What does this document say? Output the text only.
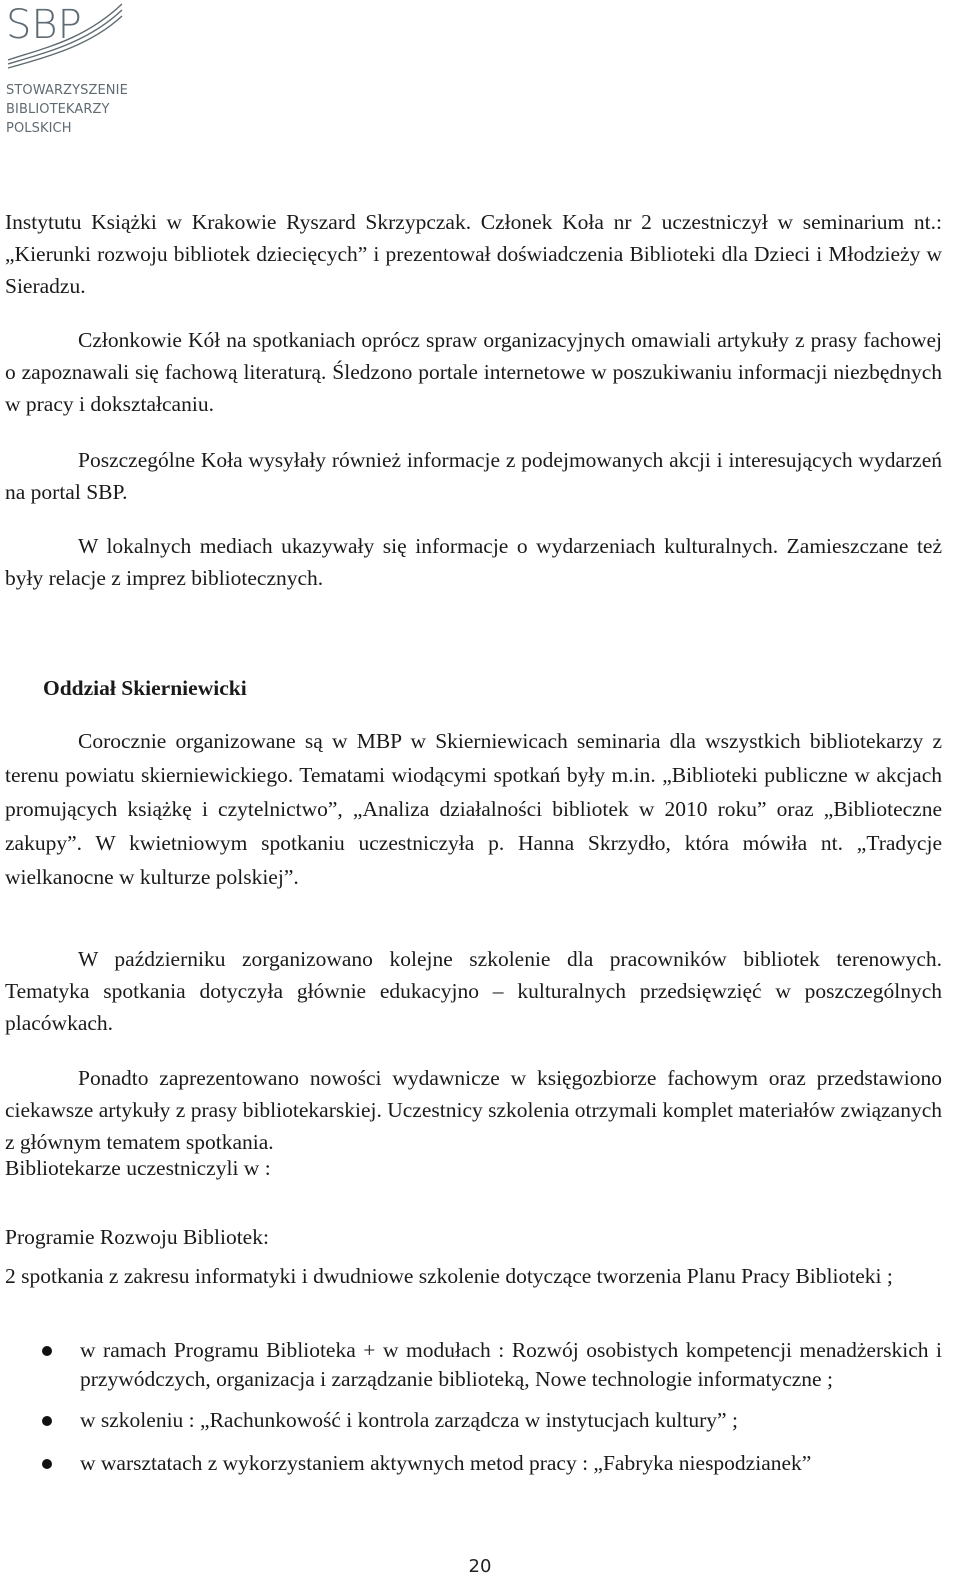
SBP
STOWARZYSZENIE
BIBLIOTEKARZY
POLSKICH

Instytutu Książki w Krakowie Ryszard Skrzypczak. Członek Koła nr 2 uczestniczył w seminarium nt.: „Kierunki rozwoju bibliotek dziecięcych” i prezentował doświadczenia Biblioteki dla Dzieci i Młodzieży w Sieradzu.

Członkowie Kół na spotkaniach oprócz spraw organizacyjnych omawiali artykuły z prasy fachowej o zapoznawali się fachową literaturą. Śledzono portale internetowe w poszukiwaniu informacji niezbędnych w pracy i dokształcaniu.

Poszczególne Koła wysyłały również informacje z podejmowanych akcji i interesujących wydarzeń na portal SBP.

W lokalnych mediach ukazywały się informacje o wydarzeniach kulturalnych. Zamieszczane też były relacje z imprez bibliotecznych.

Oddział Skierniewicki

Corocznie organizowane są w MBP w Skierniewicach seminaria dla wszystkich bibliotekarzy z terenu powiatu skierniewickiego. Tematami wiodącymi spotkań były m.in. „Biblioteki publiczne w akcjach promujących książkę i czytelnictwo”, „Analiza działalności bibliotek w 2010 roku” oraz „Biblioteczne zakupy”. W kwietniowym spotkaniu uczestniczyła p. Hanna Skrzydło, która mówiła nt. „Tradycje wielkanocne w kulturze polskiej”.

W październiku zorganizowano kolejne szkolenie dla pracowników bibliotek terenowych. Tematyka spotkania dotyczyła głównie edukacyjno – kulturalnych przedsięwzięć w poszczególnych placówkach.

Ponadto zaprezentowano nowości wydawnicze w księgozbiorze fachowym oraz przedstawiono ciekawsze artykuły z prasy bibliotekarskiej. Uczestnicy szkolenia otrzymali komplet materiałów związanych z głównym tematem spotkania.

Bibliotekarze uczestniczyli w :

Programie Rozwoju Bibliotek:

2 spotkania z zakresu informatyki i dwudniowe szkolenie dotyczące tworzenia Planu Pracy Biblioteki ;

w ramach Programu Biblioteka + w modułach : Rozwój osobistych kompetencji menadżerskich i przywódczych, organizacja i zarządzanie biblioteką, Nowe technologie informatyczne ;
w szkoleniu : „Rachunkowość i kontrola zarządcza w instytucjach kultury” ;
w warsztatach z wykorzystaniem aktywnych metod pracy : „Fabryka niespodzianek”
20
